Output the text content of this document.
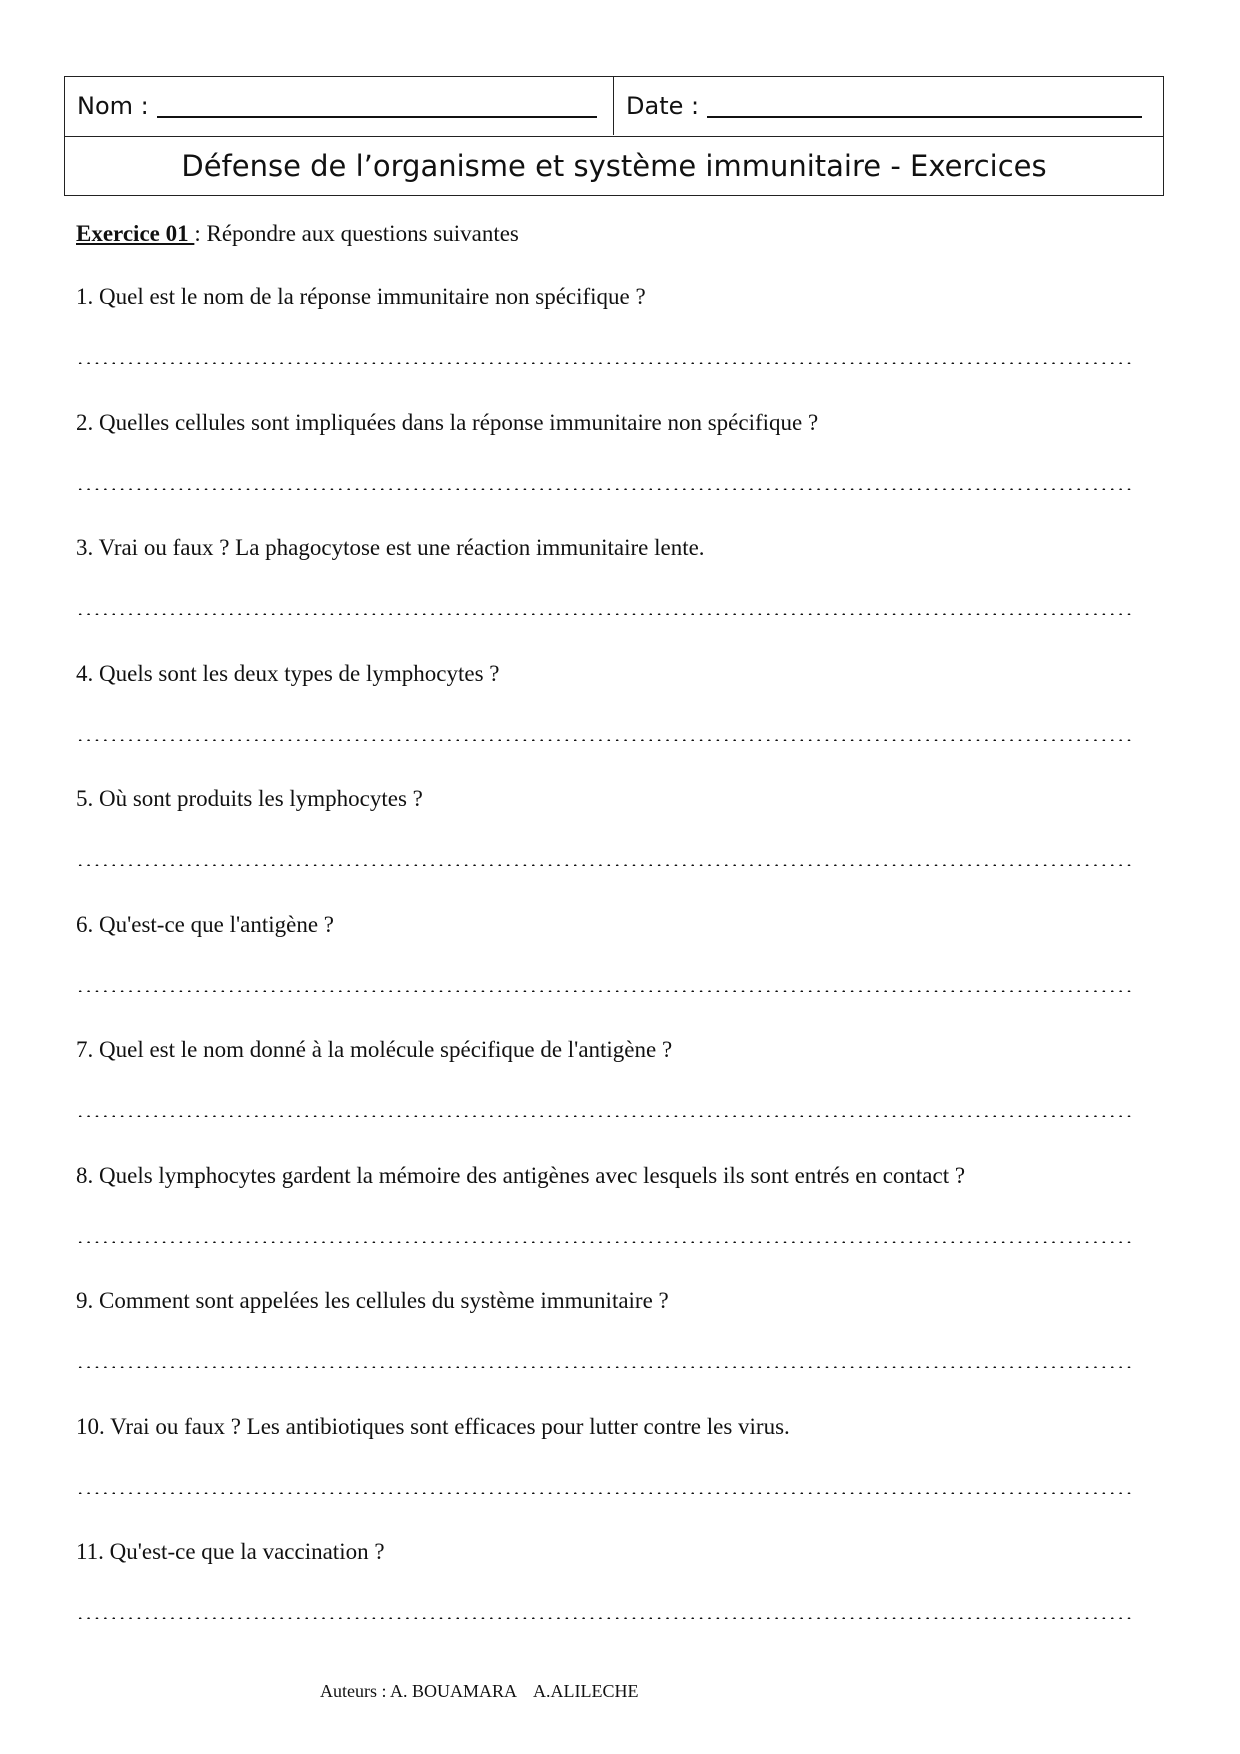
Nom :	Date :
Défense de l’organisme et système immunitaire - Exercices
Exercice 01 : Répondre aux questions suivantes
1. Quel est le nom de la réponse immunitaire non spécifique ?
2. Quelles cellules sont impliquées dans la réponse immunitaire non spécifique ?
3. Vrai ou faux ? La phagocytose est une réaction immunitaire lente.
4. Quels sont les deux types de lymphocytes ?
5. Où sont produits les lymphocytes ?
6. Qu'est-ce que l'antigène ?
7. Quel est le nom donné à la molécule spécifique de l'antigène ?
8. Quels lymphocytes gardent la mémoire des antigènes avec lesquels ils sont entrés en contact ?
9. Comment sont appelées les cellules du système immunitaire ?
10. Vrai ou faux ? Les antibiotiques sont efficaces pour lutter contre les virus.
11. Qu'est-ce que la vaccination ?
Auteurs : A. BOUAMARA    A.ALILECHE
